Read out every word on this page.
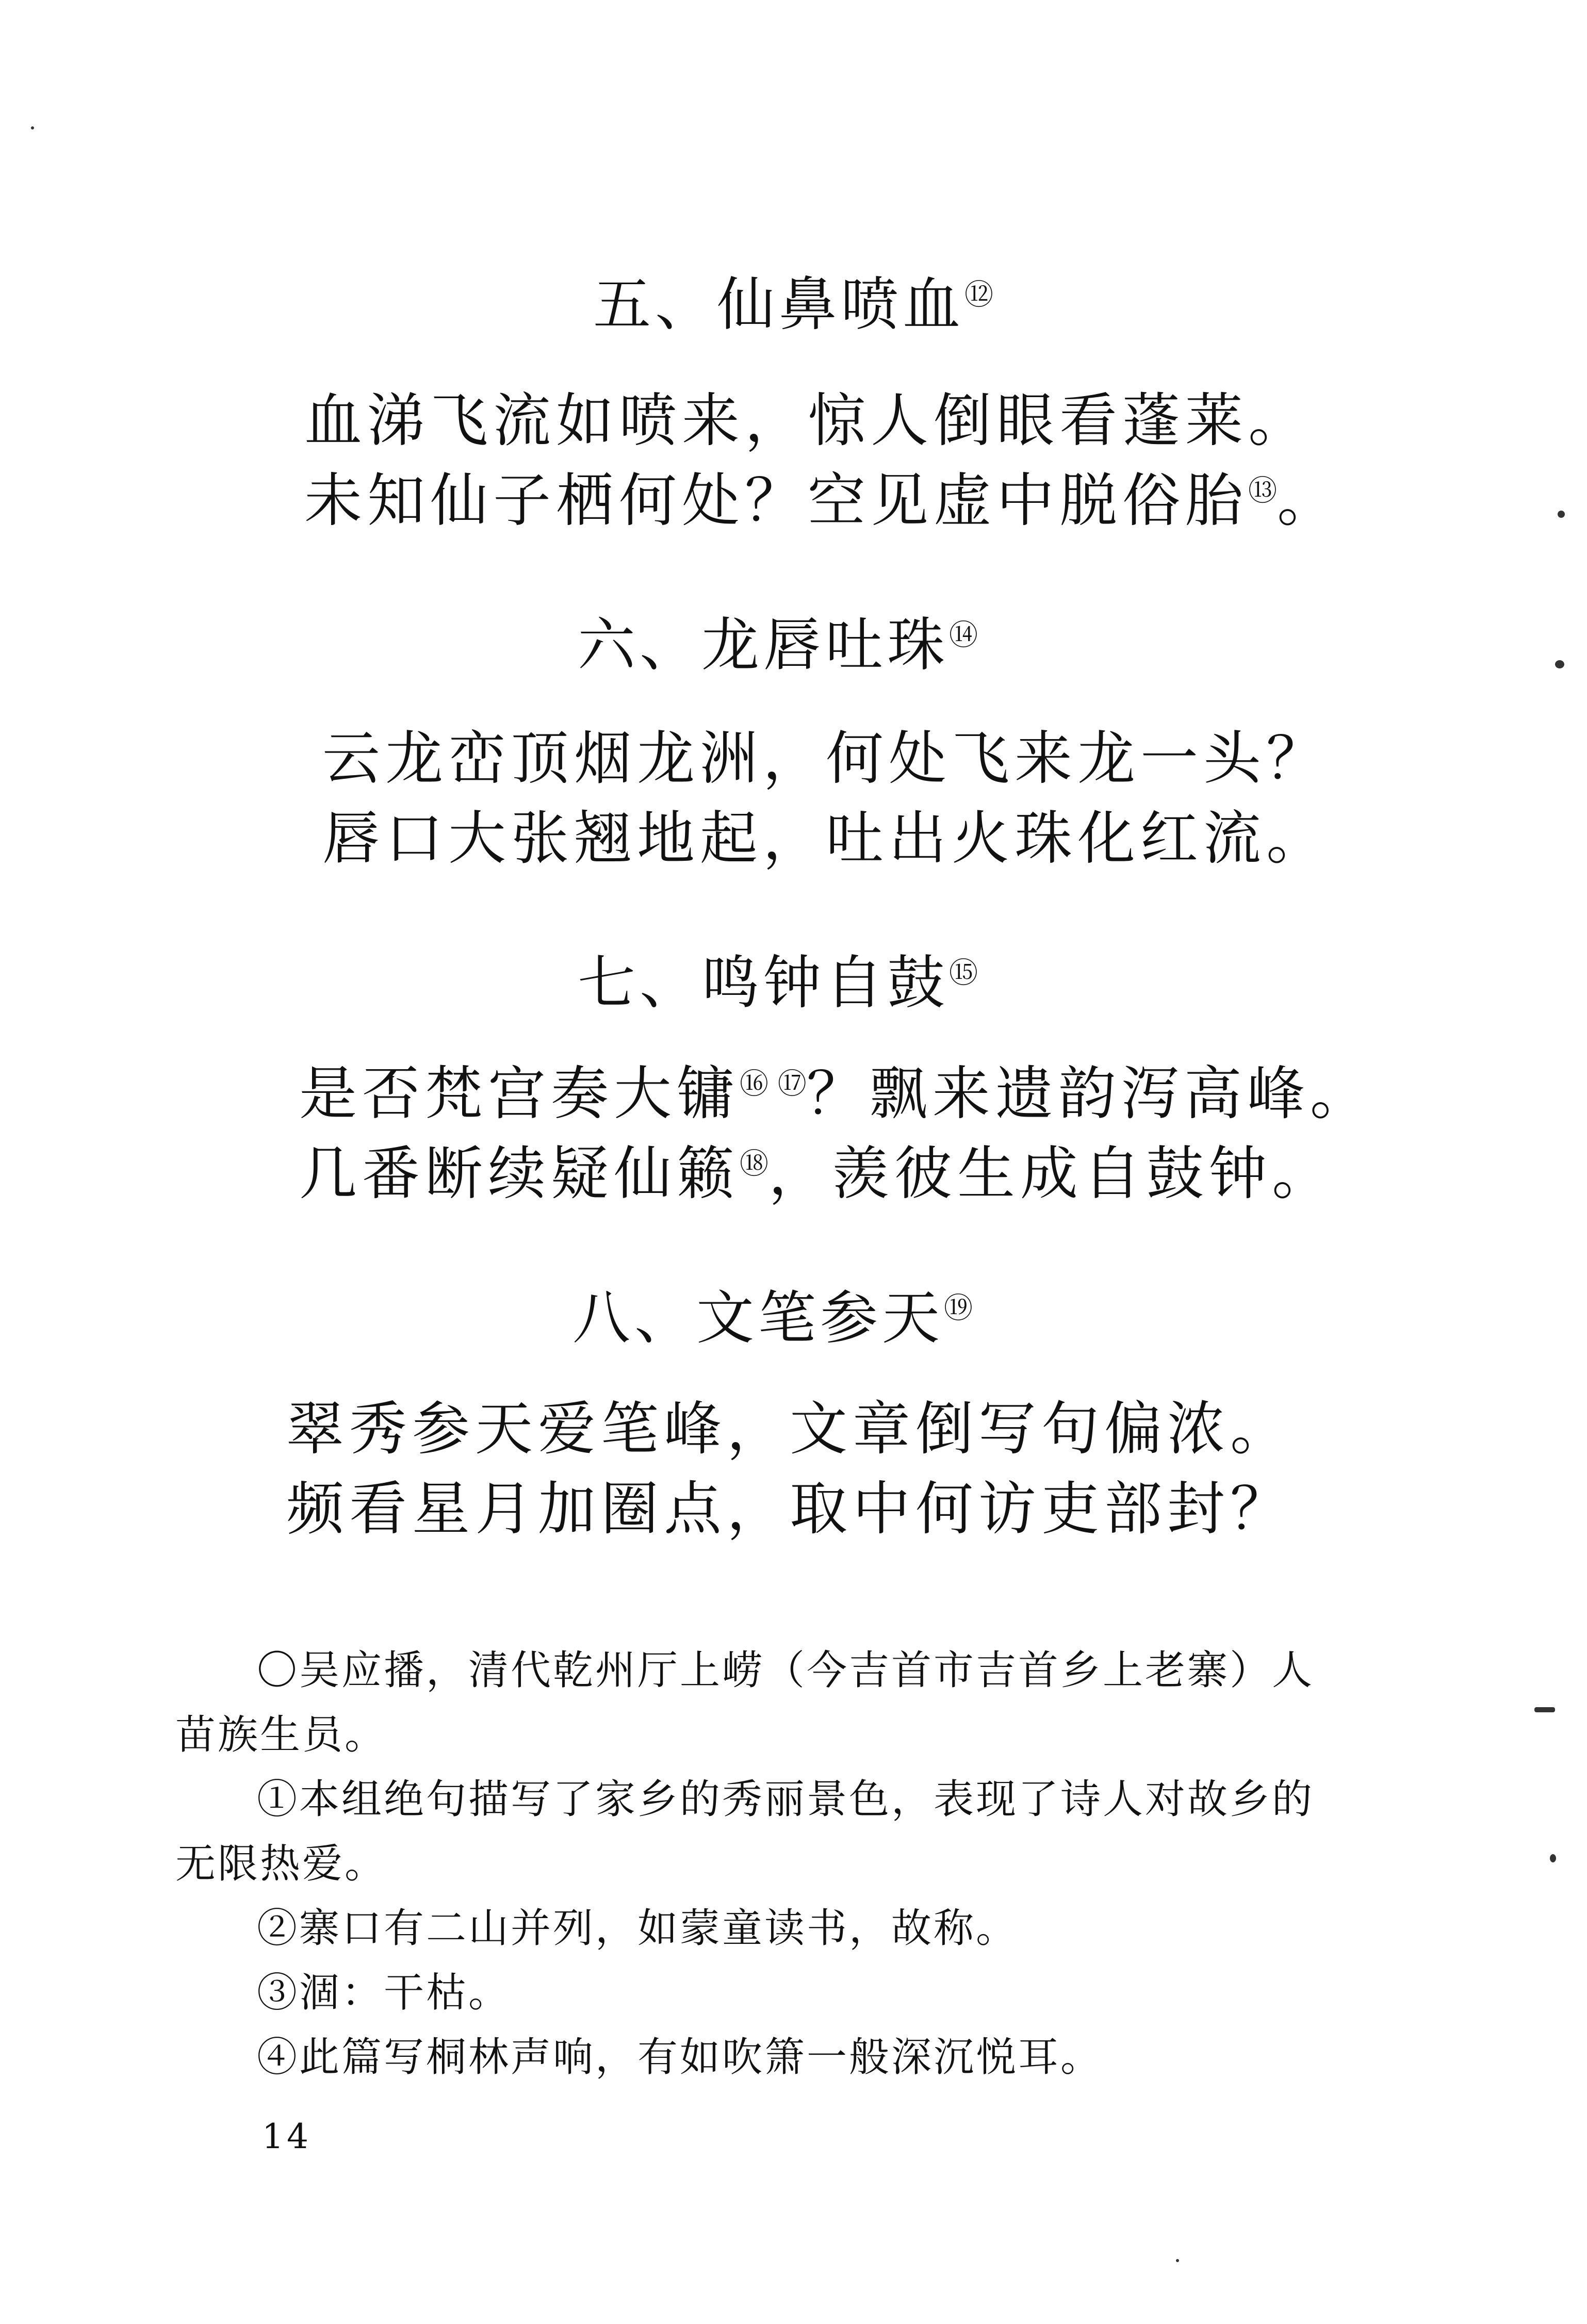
五、仙鼻喷血⑫
血涕飞流如喷来，惊人倒眼看蓬莱。
未知仙子栖何处？空见虚中脱俗胎⑬。
六、龙唇吐珠⑭
云龙峦顶烟龙洲，何处飞来龙一头？
唇口大张翘地起，吐出火珠化红流。
七、鸣钟自鼓⑮
是否梵宫奏大镛⑯ ⑰？飘来遗韵泻高峰。
几番断续疑仙籁⑱，羡彼生成自鼓钟。
八、文笔参天⑲
翠秀参天爱笔峰，文章倒写句偏浓。
频看星月加圈点，取中何访吏部封？
〇吴应播，清代乾州厅上崂（今吉首市吉首乡上老寨）人
苗族生员。
①本组绝句描写了家乡的秀丽景色，表现了诗人对故乡的
无限热爱。
②寨口有二山并列，如蒙童读书，故称。
③涸：干枯。
④此篇写桐林声响，有如吹箫一般深沉悦耳。
14
